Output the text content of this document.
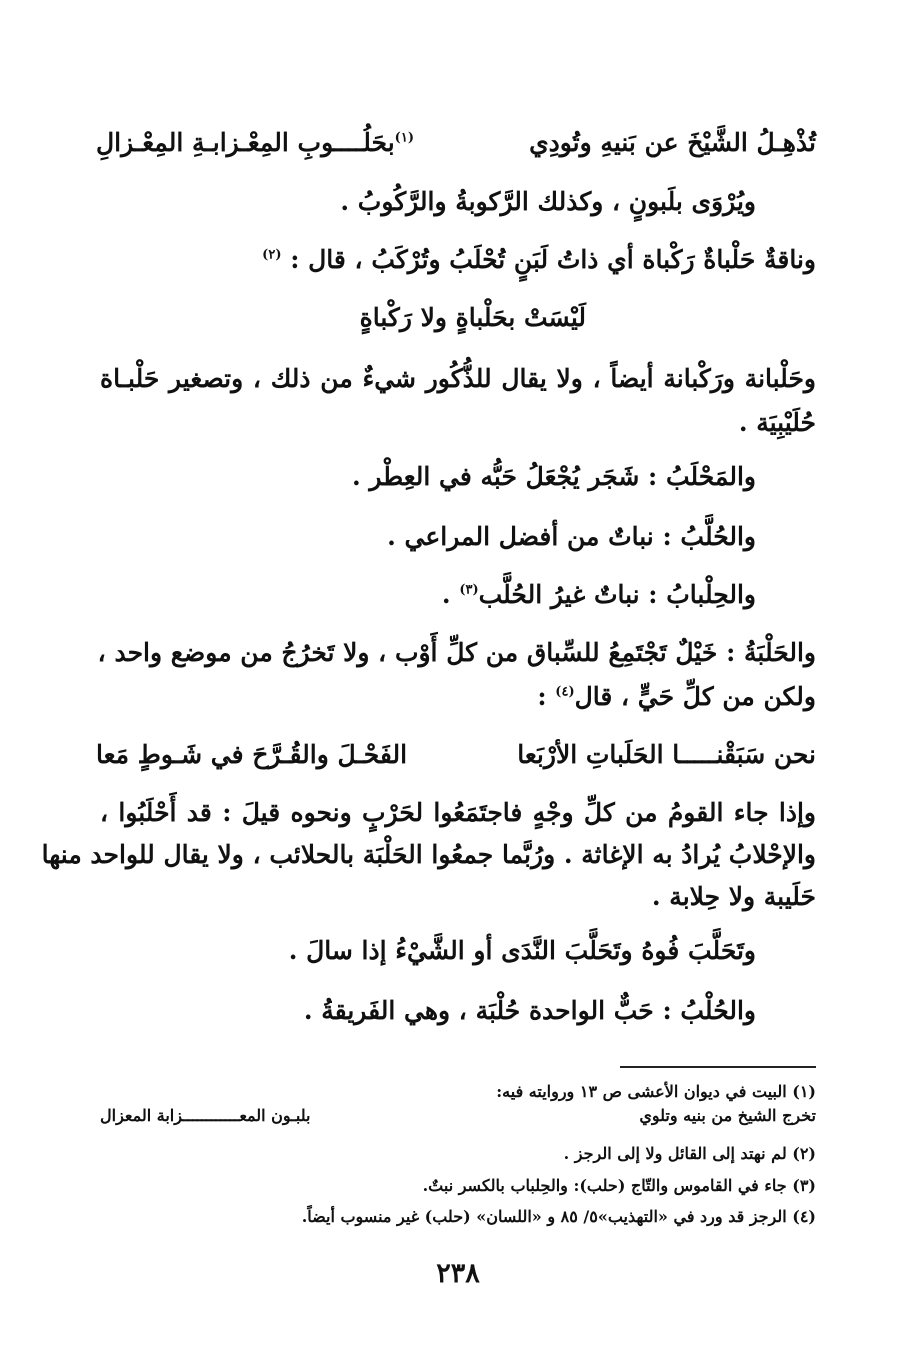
تُذْهِـلُ الشَّيْخَ عن بَنيهِ وتُودِي
$^{(١)}$بحَلُــــوبِ المِعْـزابـةِ المِعْـزالِ
ويُرْوَى بلَبونٍ ، وكذلك الرَّكوبةُ والرَّكُوبُ .
وناقةٌ حَلْباةٌ رَكْباة أي ذاتُ لَبَنٍ تُحْلَبُ وتُرْكَبُ ، قال : $^{(٢)}$
لَيْسَتْ بحَلْباةٍ ولا رَكْباةٍ
وحَلْبانة ورَكْبانة أيضاً ، ولا يقال للذُّكُور شيءٌ من ذلك ، وتصغير حَلْبـاة
حُلَيْبِيَة .
والمَحْلَبُ : شَجَر يُجْعَلُ حَبُّه في العِطْر .
والحُلَّبُ : نباتٌ من أفضل المراعي .
والحِلْبابُ : نباتٌ غيرُ الحُلَّب$^{(٣)}$ .
والحَلْبَةُ : خَيْلٌ تَجْتَمِعُ للسِّباق من كلِّ أَوْب ، ولا تَخرُجُ من موضع واحد ،
ولكن من كلِّ حَيٍّ ، قال$^{(٤)}$ :
نحن سَبَقْنـــــا الحَلَباتِ الأرْبَعا
الفَحْـلَ والقُـرَّحَ في شَـوطٍ مَعا
وإذا جاء القومُ من كلِّ وجْهٍ فاجتَمَعُوا لحَرْبٍ ونحوه قيلَ : قد أَحْلَبُوا ،
والإحْلابُ يُرادُ به الإغاثة . ورُبَّما جمعُوا الحَلْبَة بالحلائب ، ولا يقال للواحد منها
حَلَيبة ولا حِلابة .
وتَحَلَّبَ فُوهُ وتَحَلَّبَ النَّدَى أو الشَّيْءُ إذا سالَ .
والحُلْبُ : حَبٌّ الواحدة حُلْبَة ، وهي الفَريقةُ .
(١) البيت في ديوان الأعشى ص ١٣ وروايته فيه:
تخرج الشيخ من بنيه وتلوي
بلبـون المعــــــــــــزابة المعزال
(٢) لم نهتد إلى القائل ولا إلى الرجز .
(٣) جاء في القاموس والتّاج (حلب): والحِلباب بالكسر نبتٌ.
(٤) الرجز قد ورد في «التهذيب»٥/ ٨٥ و «اللسان» (حلب) غير منسوب أيضاً.
٢٣٨
